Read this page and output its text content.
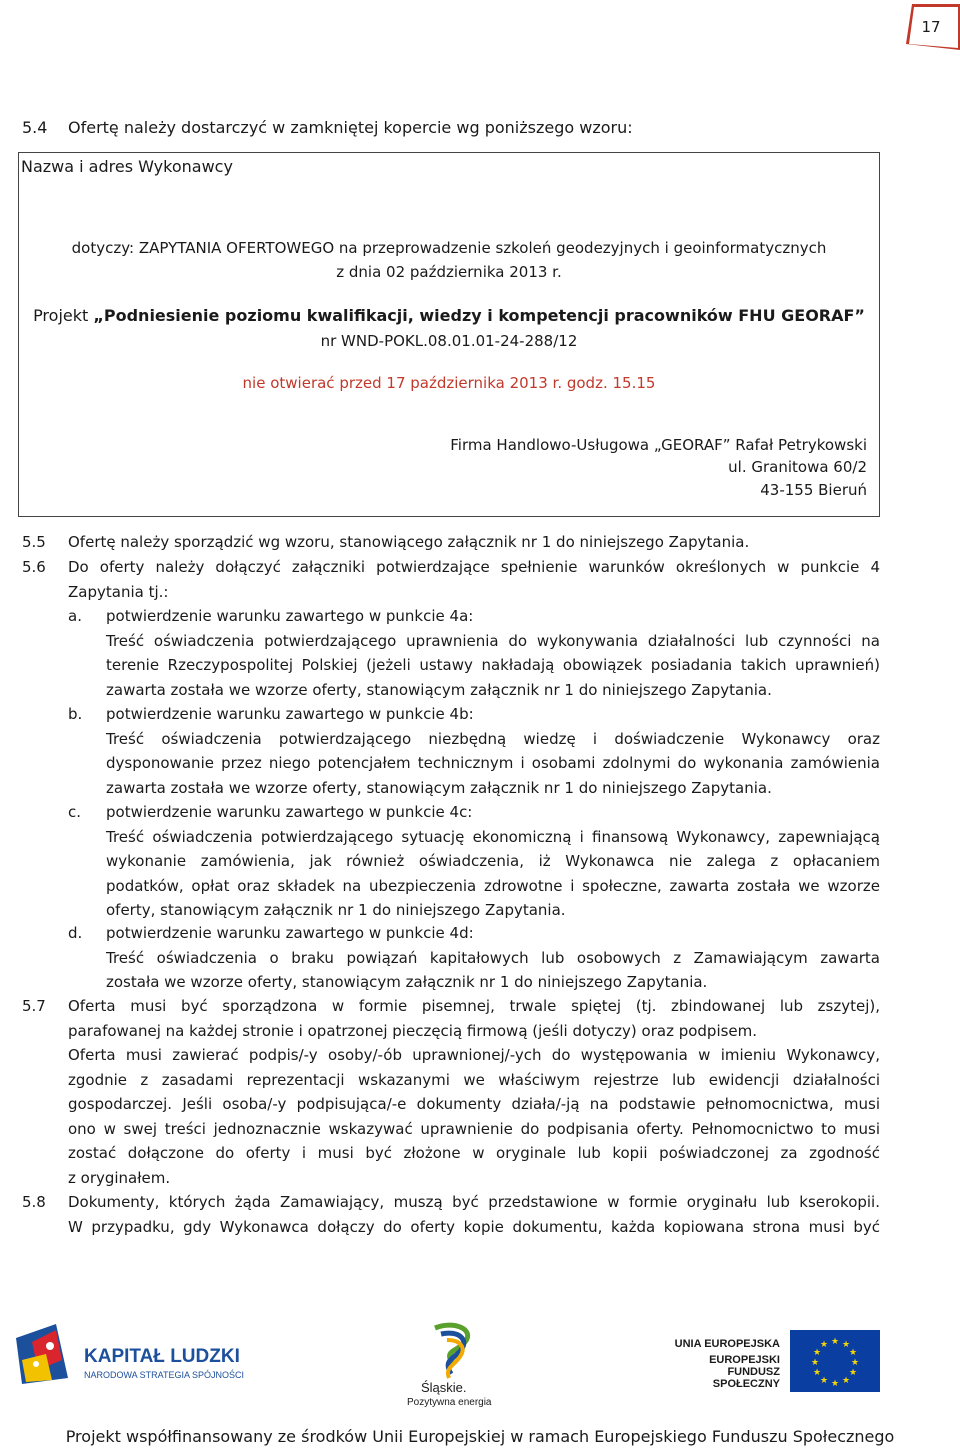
17
5.4 Ofertę należy dostarczyć w zamkniętej kopercie wg poniższego wzoru:
Nazwa i adres Wykonawcy
dotyczy: ZAPYTANIA OFERTOWEGO na przeprowadzenie szkoleń geodezyjnych i geoinformatycznych
z dnia 02 października 2013 r.
Projekt „Podniesienie poziomu kwalifikacji, wiedzy i kompetencji pracowników FHU GEORAF”
nr WND-POKL.08.01.01-24-288/12
nie otwierać przed 17 października 2013 r. godz. 15.15
Firma Handlowo-Usługowa „GEORAF” Rafał Petrykowski
ul. Granitowa 60/2
43-155 Bieruń
5.5 Ofertę należy sporządzić wg wzoru, stanowiącego załącznik nr 1 do niniejszego Zapytania.
5.6 Do oferty należy dołączyć załączniki potwierdzające spełnienie warunków określonych w punkcie 4
Zapytania tj.:
a. potwierdzenie warunku zawartego w punkcie 4a:
Treść oświadczenia potwierdzającego uprawnienia do wykonywania działalności lub czynności na
terenie Rzeczypospolitej Polskiej (jeżeli ustawy nakładają obowiązek posiadania takich uprawnień)
zawarta została we wzorze oferty, stanowiącym załącznik nr 1 do niniejszego Zapytania.
b. potwierdzenie warunku zawartego w punkcie 4b:
Treść oświadczenia potwierdzającego niezbędną wiedzę i doświadczenie Wykonawcy oraz
dysponowanie przez niego potencjałem technicznym i osobami zdolnymi do wykonania zamówienia
zawarta została we wzorze oferty, stanowiącym załącznik nr 1 do niniejszego Zapytania.
c. potwierdzenie warunku zawartego w punkcie 4c:
Treść oświadczenia potwierdzającego sytuację ekonomiczną i finansową Wykonawcy, zapewniającą
wykonanie zamówienia, jak również oświadczenia, iż Wykonawca nie zalega z opłacaniem
podatków, opłat oraz składek na ubezpieczenia zdrowotne i społeczne, zawarta została we wzorze
oferty, stanowiącym załącznik nr 1 do niniejszego Zapytania.
d. potwierdzenie warunku zawartego w punkcie 4d:
Treść oświadczenia o braku powiązań kapitałowych lub osobowych z Zamawiającym zawarta
została we wzorze oferty, stanowiącym załącznik nr 1 do niniejszego Zapytania.
5.7 Oferta musi być sporządzona w formie pisemnej, trwale spiętej (tj. zbindowanej lub zszytej),
parafowanej na każdej stronie i opatrzonej pieczęcią firmową (jeśli dotyczy) oraz podpisem.
Oferta musi zawierać podpis/-y osoby/-ób uprawnionej/-ych do występowania w imieniu Wykonawcy,
zgodnie z zasadami reprezentacji wskazanymi we właściwym rejestrze lub ewidencji działalności
gospodarczej. Jeśli osoba/-y podpisująca/-e dokumenty działa/-ją na podstawie pełnomocnictwa, musi
ono w swej treści jednoznacznie wskazywać uprawnienie do podpisania oferty. Pełnomocnictwo to musi
zostać dołączone do oferty i musi być złożone w oryginale lub kopii poświadczonej za zgodność
z oryginałem.
5.8 Dokumenty, których żąda Zamawiający, muszą być przedstawione w formie oryginału lub kserokopii.
W przypadku, gdy Wykonawca dołączy do oferty kopie dokumentu, każda kopiowana strona musi być
KAPITAŁ LUDZKI
NARODOWA STRATEGIA SPÓJNOŚCI
Śląskie.
Pozytywna energia
UNIA EUROPEJSKA
EUROPEJSKI
FUNDUSZ SPOŁECZNY
★ ★
★
★
★
★
★
★
★
★
★
★
Projekt współfinansowany ze środków Unii Europejskiej w ramach Europejskiego Funduszu Społecznego
